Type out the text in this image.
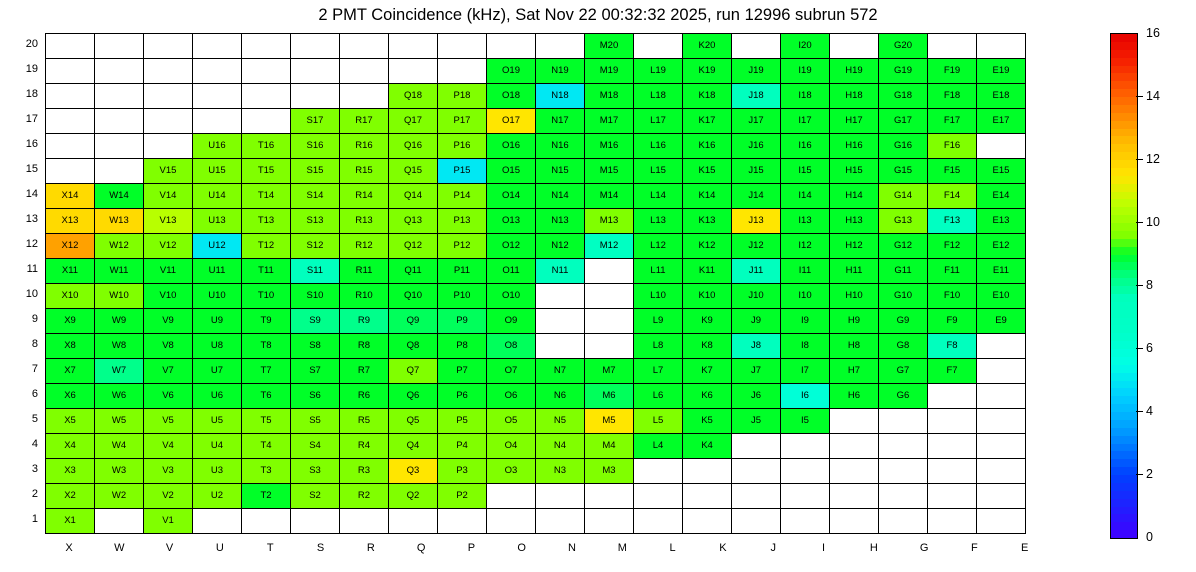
2 PMT Coincidence (kHz), Sat Nov 22 00:32:32 2025, run 12996 subrun 572
											M20		K20		I20		G20		
									O19	N19	M19	L19	K19	J19	I19	H19	G19	F19	E19
							Q18	P18	O18	N18	M18	L18	K18	J18	I18	H18	G18	F18	E18
					S17	R17	Q17	P17	O17	N17	M17	L17	K17	J17	I17	H17	G17	F17	E17
			U16	T16	S16	R16	Q16	P16	O16	N16	M16	L16	K16	J16	I16	H16	G16	F16	
		V15	U15	T15	S15	R15	Q15	P15	O15	N15	M15	L15	K15	J15	I15	H15	G15	F15	E15
X14	W14	V14	U14	T14	S14	R14	Q14	P14	O14	N14	M14	L14	K14	J14	I14	H14	G14	F14	E14
X13	W13	V13	U13	T13	S13	R13	Q13	P13	O13	N13	M13	L13	K13	J13	I13	H13	G13	F13	E13
X12	W12	V12	U12	T12	S12	R12	Q12	P12	O12	N12	M12	L12	K12	J12	I12	H12	G12	F12	E12
X11	W11	V11	U11	T11	S11	R11	Q11	P11	O11	N11		L11	K11	J11	I11	H11	G11	F11	E11
X10	W10	V10	U10	T10	S10	R10	Q10	P10	O10			L10	K10	J10	I10	H10	G10	F10	E10
X9	W9	V9	U9	T9	S9	R9	Q9	P9	O9			L9	K9	J9	I9	H9	G9	F9	E9
X8	W8	V8	U8	T8	S8	R8	Q8	P8	O8			L8	K8	J8	I8	H8	G8	F8	
X7	W7	V7	U7	T7	S7	R7	Q7	P7	O7	N7	M7	L7	K7	J7	I7	H7	G7	F7	
X6	W6	V6	U6	T6	S6	R6	Q6	P6	O6	N6	M6	L6	K6	J6	I6	H6	G6		
X5	W5	V5	U5	T5	S5	R5	Q5	P5	O5	N5	M5	L5	K5	J5	I5				
X4	W4	V4	U4	T4	S4	R4	Q4	P4	O4	N4	M4	L4	K4						
X3	W3	V3	U3	T3	S3	R3	Q3	P3	O3	N3	M3								
X2	W2	V2	U2	T2	S2	R2	Q2	P2											
X1		V1																	
20
19
18
17
16
15
14
13
12
11
10
9
8
7
6
5
4
3
2
1
X	W	V	U	T	S	R	Q	P	O	N	M	L	K	J	I	H	G	F	E
0
2
4
6
8
10
12
14
16
